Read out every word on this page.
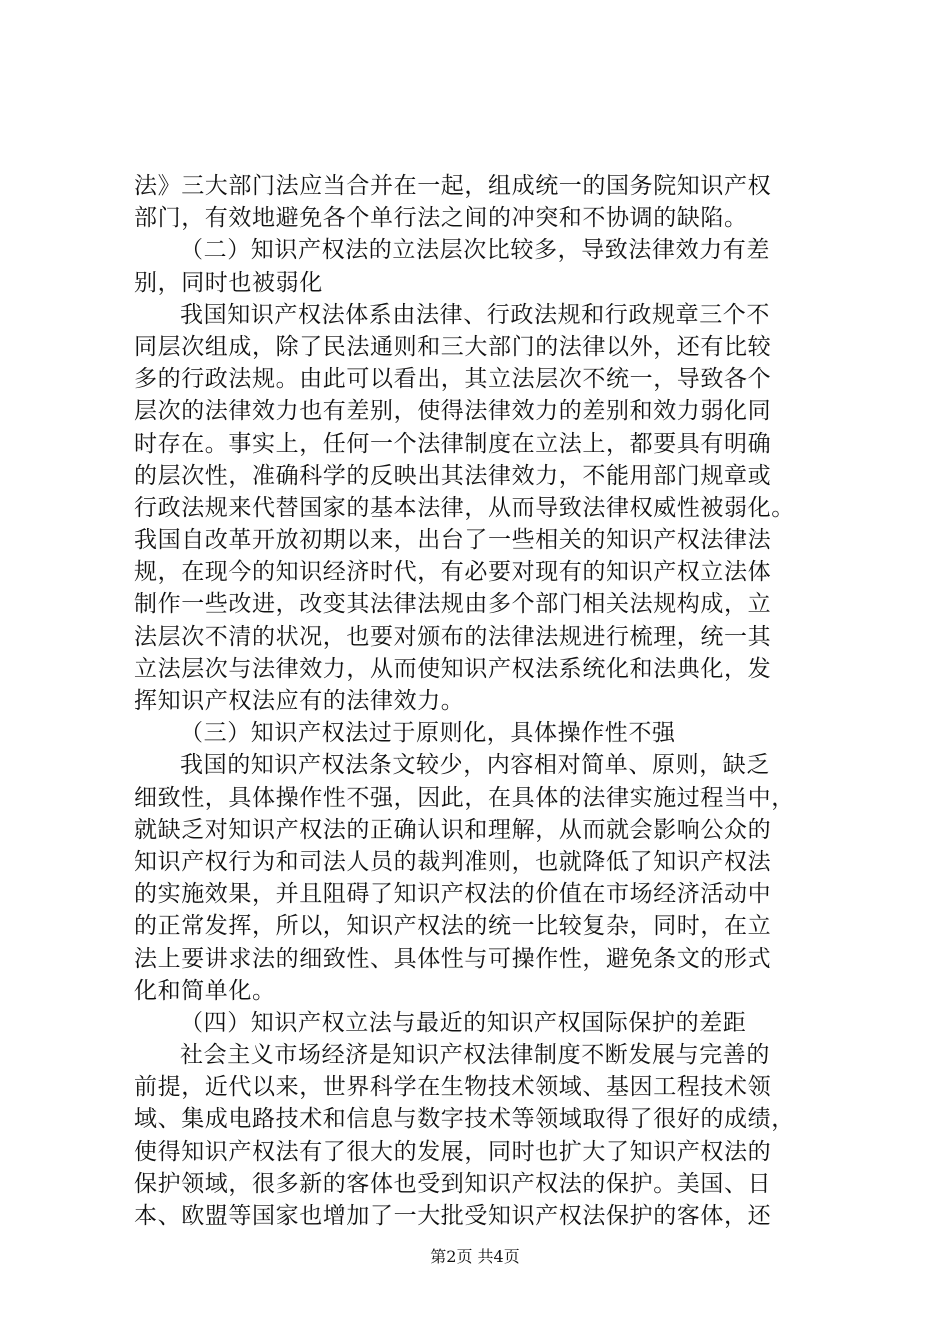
法》三大部门法应当合并在一起，组成统一的国务院知识产权
部门，有效地避免各个单行法之间的冲突和不协调的缺陷。
（二）知识产权法的立法层次比较多，导致法律效力有差
别，同时也被弱化
我国知识产权法体系由法律、行政法规和行政规章三个不
同层次组成，除了民法通则和三大部门的法律以外，还有比较
多的行政法规。由此可以看出，其立法层次不统一，导致各个
层次的法律效力也有差别，使得法律效力的差别和效力弱化同
时存在。事实上，任何一个法律制度在立法上，都要具有明确
的层次性，准确科学的反映出其法律效力，不能用部门规章或
行政法规来代替国家的基本法律，从而导致法律权威性被弱化。
我国自改革开放初期以来，出台了一些相关的知识产权法律法
规，在现今的知识经济时代，有必要对现有的知识产权立法体
制作一些改进，改变其法律法规由多个部门相关法规构成，立
法层次不清的状况，也要对颁布的法律法规进行梳理，统一其
立法层次与法律效力，从而使知识产权法系统化和法典化，发
挥知识产权法应有的法律效力。
（三）知识产权法过于原则化，具体操作性不强
我国的知识产权法条文较少，内容相对简单、原则，缺乏
细致性，具体操作性不强，因此，在具体的法律实施过程当中，
就缺乏对知识产权法的正确认识和理解，从而就会影响公众的
知识产权行为和司法人员的裁判准则，也就降低了知识产权法
的实施效果，并且阻碍了知识产权法的价值在市场经济活动中
的正常发挥，所以，知识产权法的统一比较复杂，同时，在立
法上要讲求法的细致性、具体性与可操作性，避免条文的形式
化和简单化。
（四）知识产权立法与最近的知识产权国际保护的差距
社会主义市场经济是知识产权法律制度不断发展与完善的
前提，近代以来，世界科学在生物技术领域、基因工程技术领
域、集成电路技术和信息与数字技术等领域取得了很好的成绩，
使得知识产权法有了很大的发展，同时也扩大了知识产权法的
保护领域，很多新的客体也受到知识产权法的保护。美国、日
本、欧盟等国家也增加了一大批受知识产权法保护的客体，还
第2页 共4页
